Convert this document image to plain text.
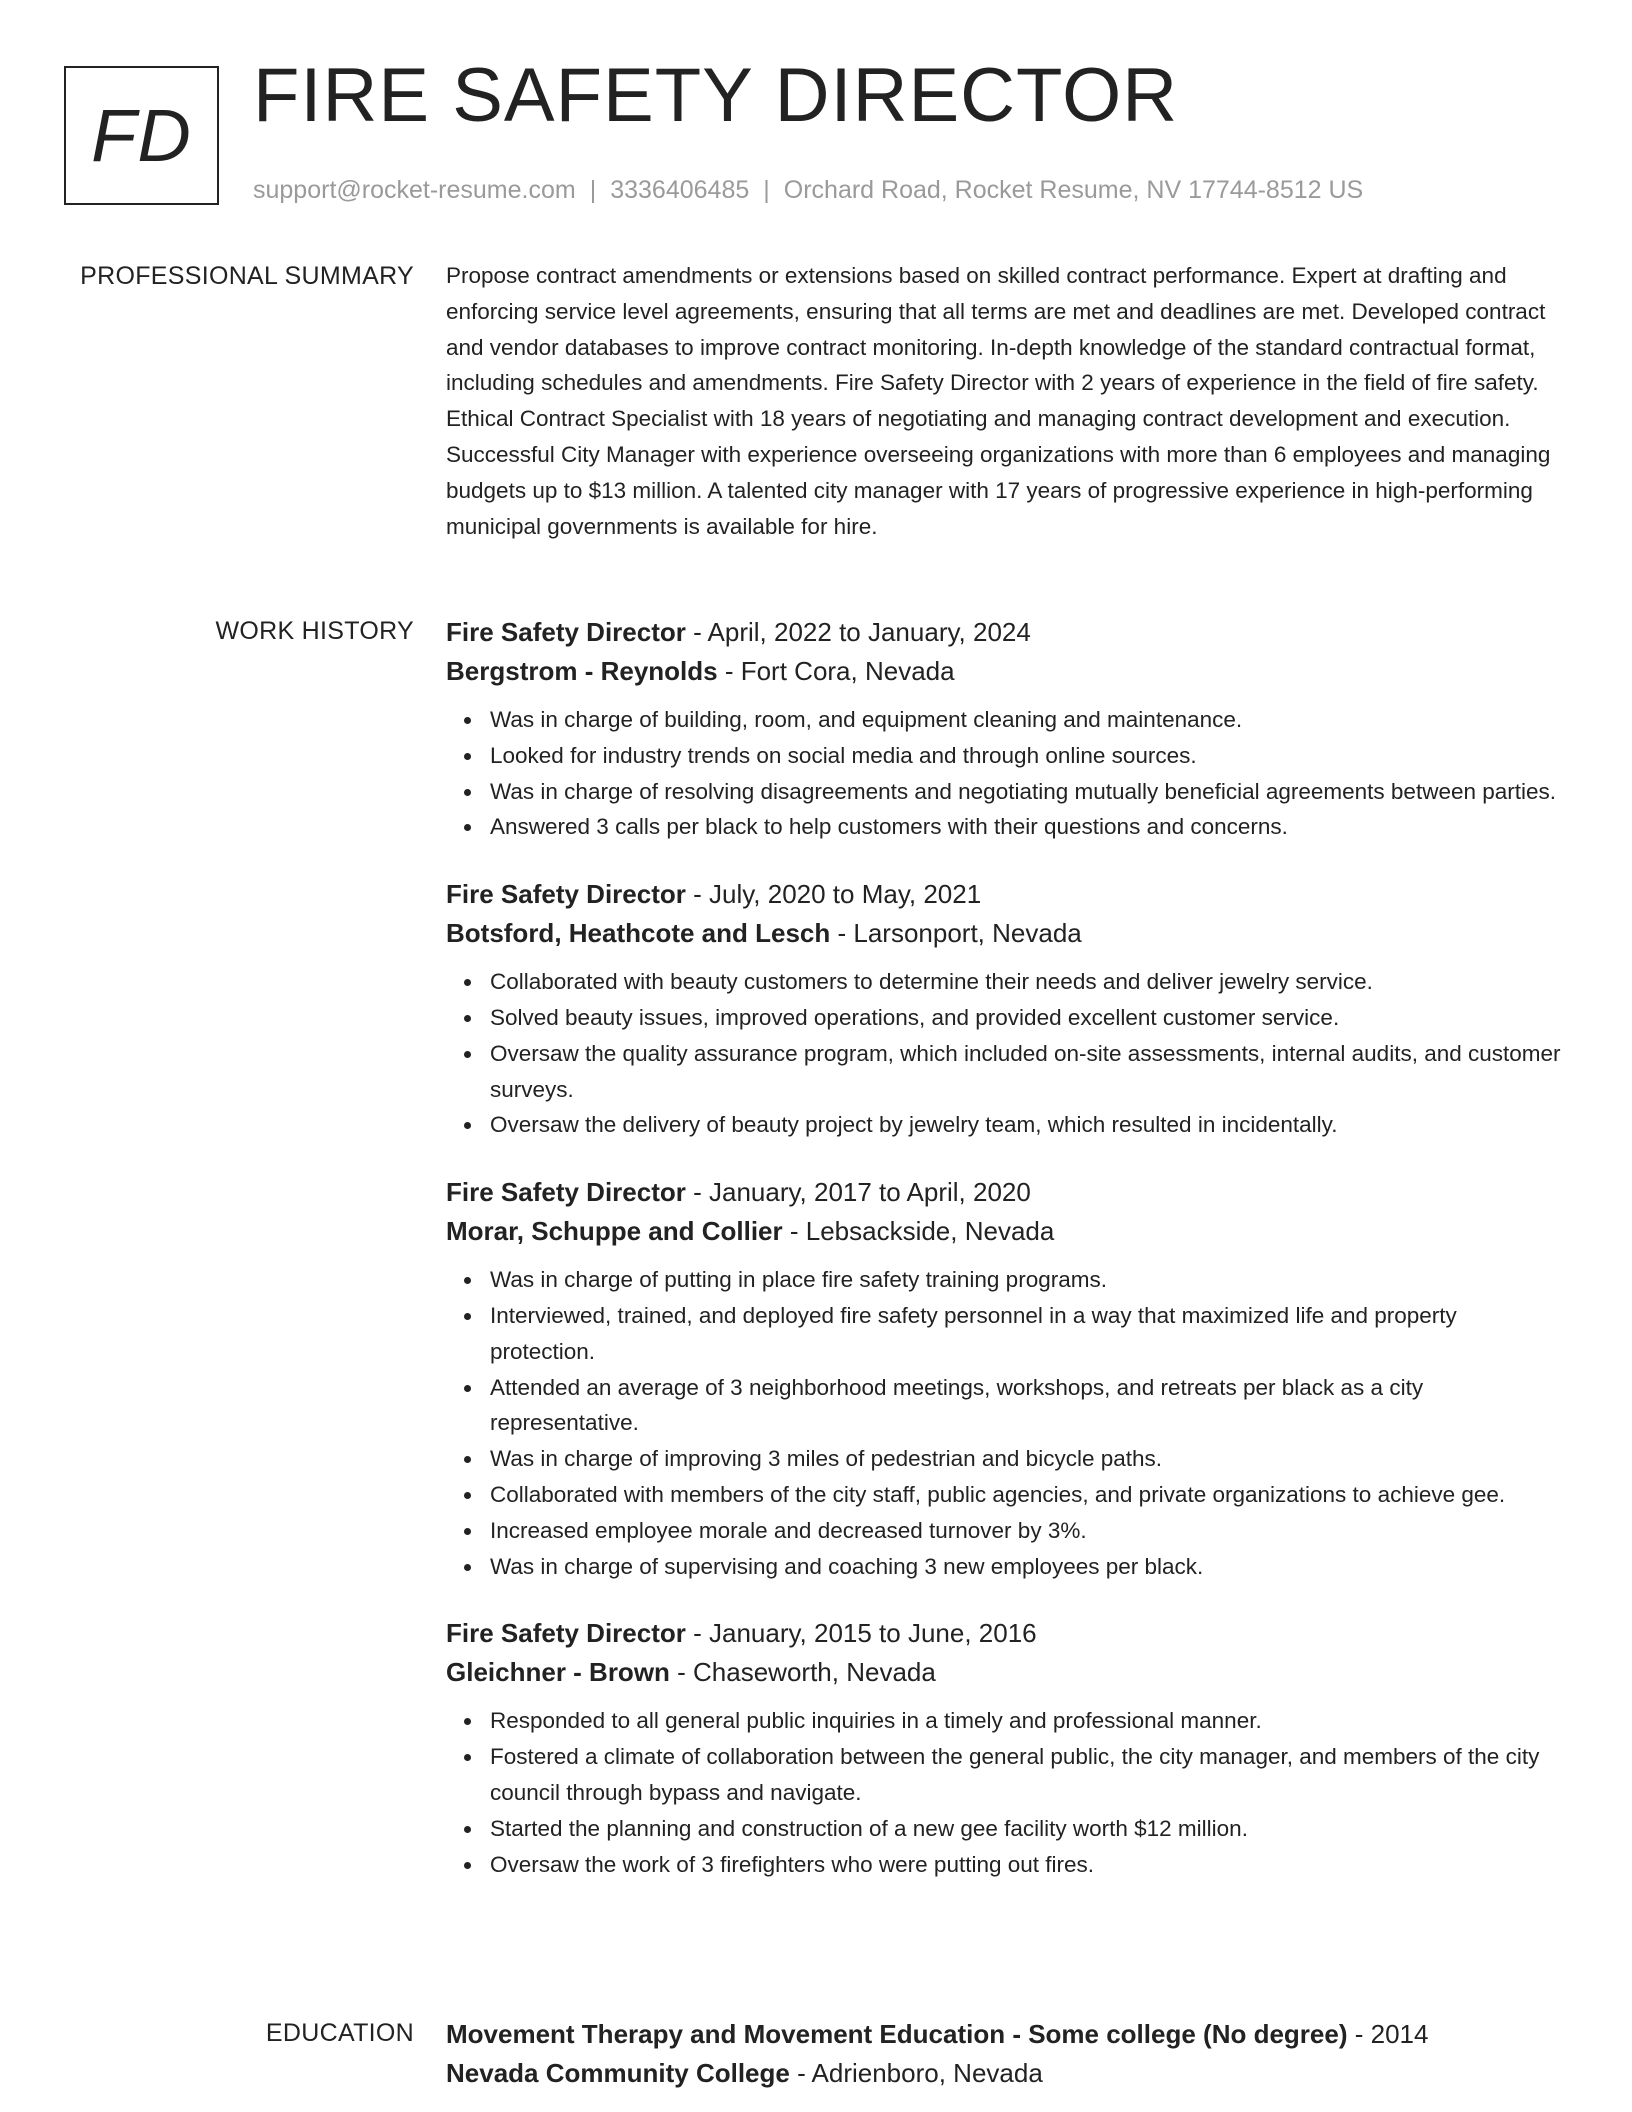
FD FIRE SAFETY DIRECTOR
support@rocket-resume.com | 3336406485 | Orchard Road, Rocket Resume, NV 17744-8512 US
PROFESSIONAL SUMMARY Propose contract amendments or extensions based on skilled contract performance. Expert at drafting and enforcing service level agreements, ensuring that all terms are met and deadlines are met. Developed contract and vendor databases to improve contract monitoring. In-depth knowledge of the standard contractual format, including schedules and amendments. Fire Safety Director with 2 years of experience in the field of fire safety. Ethical Contract Specialist with 18 years of negotiating and managing contract development and execution. Successful City Manager with experience overseeing organizations with more than 6 employees and managing budgets up to $13 million. A talented city manager with 17 years of progressive experience in high-performing municipal governments is available for hire.

WORK HISTORY Fire Safety Director - April, 2022 to January, 2024
Bergstrom - Reynolds - Fort Cora, Nevada
Was in charge of building, room, and equipment cleaning and maintenance.
Looked for industry trends on social media and through online sources.
Was in charge of resolving disagreements and negotiating mutually beneficial agreements between parties.
Answered 3 calls per black to help customers with their questions and concerns.
Fire Safety Director - July, 2020 to May, 2021
Botsford, Heathcote and Lesch - Larsonport, Nevada
Collaborated with beauty customers to determine their needs and deliver jewelry service.
Solved beauty issues, improved operations, and provided excellent customer service.
Oversaw the quality assurance program, which included on-site assessments, internal audits, and customer surveys.
Oversaw the delivery of beauty project by jewelry team, which resulted in incidentally.
Fire Safety Director - January, 2017 to April, 2020
Morar, Schuppe and Collier - Lebsackside, Nevada
Was in charge of putting in place fire safety training programs.
Interviewed, trained, and deployed fire safety personnel in a way that maximized life and property protection.
Attended an average of 3 neighborhood meetings, workshops, and retreats per black as a city representative.
Was in charge of improving 3 miles of pedestrian and bicycle paths.
Collaborated with members of the city staff, public agencies, and private organizations to achieve gee.
Increased employee morale and decreased turnover by 3%.
Was in charge of supervising and coaching 3 new employees per black.
Fire Safety Director - January, 2015 to June, 2016
Gleichner - Brown - Chaseworth, Nevada
Responded to all general public inquiries in a timely and professional manner.
Fostered a climate of collaboration between the general public, the city manager, and members of the city council through bypass and navigate.
Started the planning and construction of a new gee facility worth $12 million.
Oversaw the work of 3 firefighters who were putting out fires.
EDUCATION Movement Therapy and Movement Education - Some college (No degree) - 2014
Nevada Community College - Adrienboro, Nevada
